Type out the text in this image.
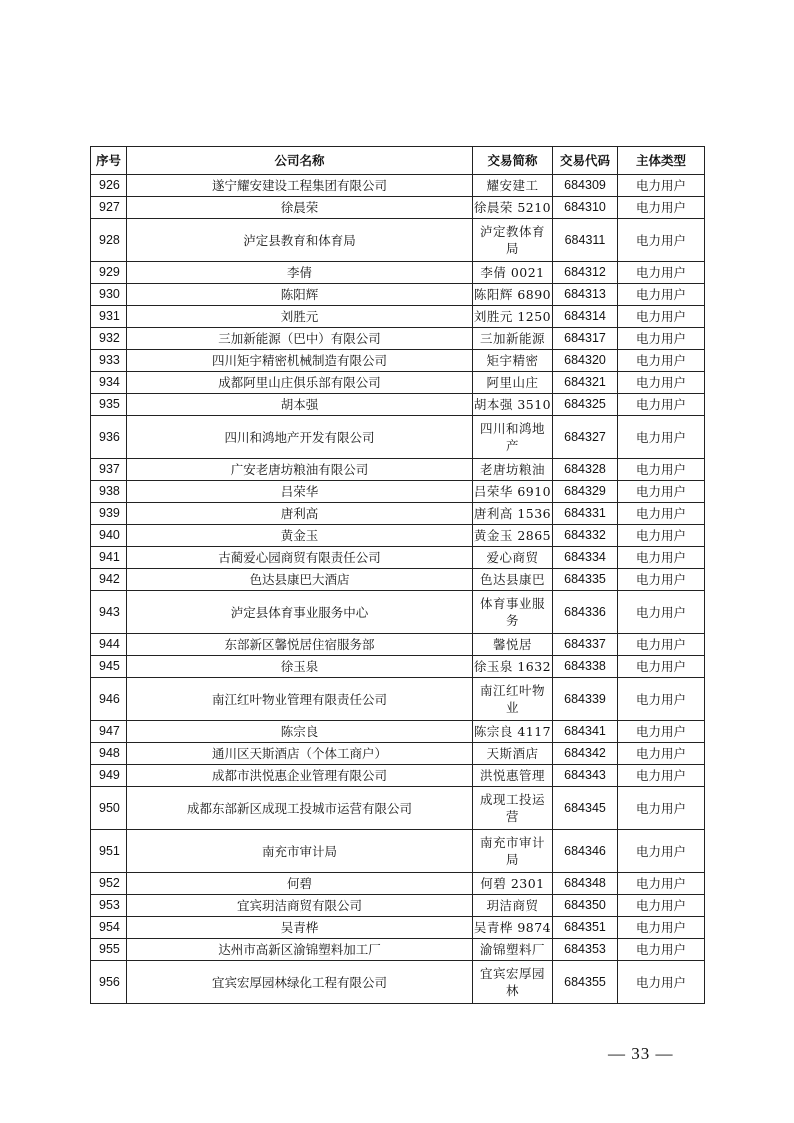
序号	公司名称	交易简称	交易代码	主体类型
926	遂宁耀安建设工程集团有限公司	耀安建工	684309	电力用户
927	徐晨荣	徐晨荣 5210	684310	电力用户
928	泸定县教育和体育局	泸定教体育局	684311	电力用户
929	李倩	李倩 0021	684312	电力用户
930	陈阳辉	陈阳辉 6890	684313	电力用户
931	刘胜元	刘胜元 1250	684314	电力用户
932	三加新能源（巴中）有限公司	三加新能源	684317	电力用户
933	四川矩宇精密机械制造有限公司	矩宇精密	684320	电力用户
934	成都阿里山庄俱乐部有限公司	阿里山庄	684321	电力用户
935	胡本强	胡本强 3510	684325	电力用户
936	四川和鸿地产开发有限公司	四川和鸿地产	684327	电力用户
937	广安老唐坊粮油有限公司	老唐坊粮油	684328	电力用户
938	吕荣华	吕荣华 6910	684329	电力用户
939	唐利高	唐利高 1536	684331	电力用户
940	黄金玉	黄金玉 2865	684332	电力用户
941	古蔺爱心园商贸有限责任公司	爱心商贸	684334	电力用户
942	色达县康巴大酒店	色达县康巴	684335	电力用户
943	泸定县体育事业服务中心	体育事业服务	684336	电力用户
944	东部新区馨悦居住宿服务部	馨悦居	684337	电力用户
945	徐玉泉	徐玉泉 1632	684338	电力用户
946	南江红叶物业管理有限责任公司	南江红叶物业	684339	电力用户
947	陈宗良	陈宗良 4117	684341	电力用户
948	通川区天斯酒店（个体工商户）	天斯酒店	684342	电力用户
949	成都市洪悦惠企业管理有限公司	洪悦惠管理	684343	电力用户
950	成都东部新区成现工投城市运营有限公司	成现工投运营	684345	电力用户
951	南充市审计局	南充市审计局	684346	电力用户
952	何碧	何碧 2301	684348	电力用户
953	宜宾玥洁商贸有限公司	玥洁商贸	684350	电力用户
954	吴青桦	吴青桦 9874	684351	电力用户
955	达州市高新区渝锦塑料加工厂	渝锦塑料厂	684353	电力用户
956	宜宾宏厚园林绿化工程有限公司	宜宾宏厚园林	684355	电力用户
— 33 —
